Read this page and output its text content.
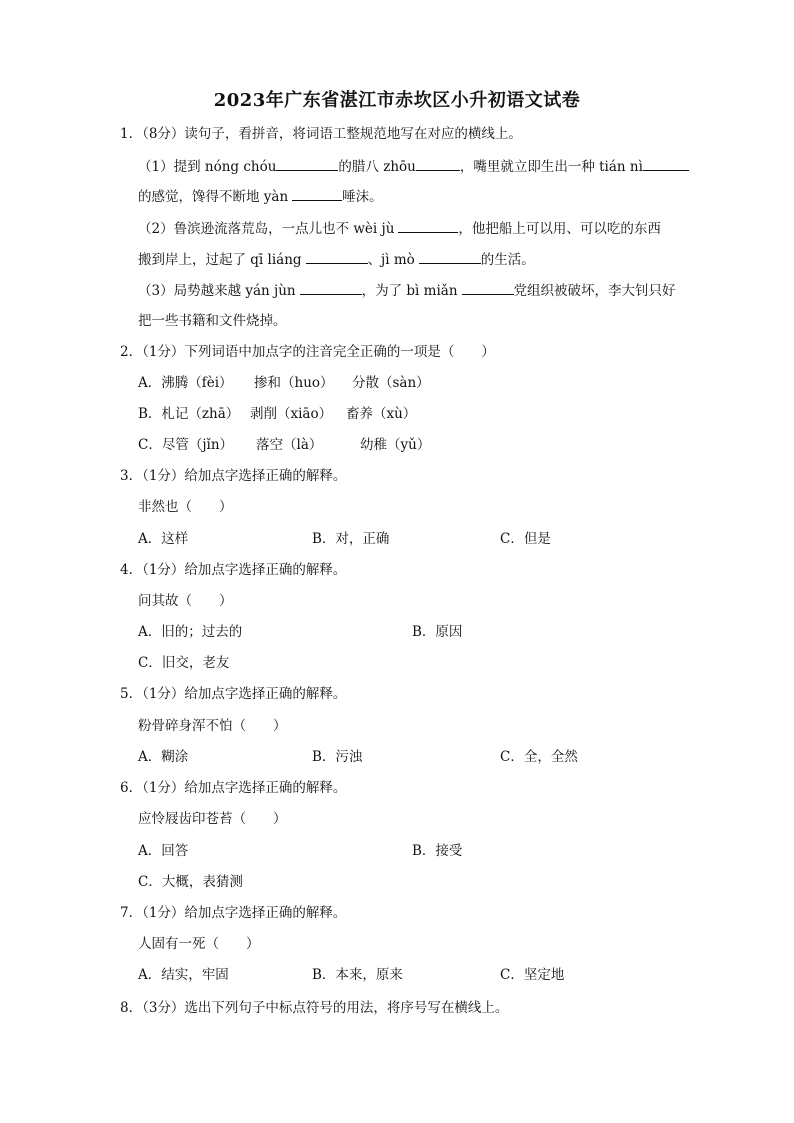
2023年广东省湛江市赤坎区小升初语文试卷
1．（8分）读句子，看拼音，将词语工整规范地写在对应的横线上。
（1）提到 nóng chóu	的腊八 zhōu	，嘴里就立即生出一种 tián nì
的感觉，馋得不断地 yàn	唾沫。
（2）鲁滨逊流落荒岛，一点儿也不 wèi jù	，他把船上可以用、可以吃的东西
搬到岸上，过起了 qī liáng	、jì mò	的生活。
（3）局势越来越 yán jùn	，为了 bì miǎn	党组织被破坏，李大钊只好
把一些书籍和文件烧掉。
2．（1分）下列词语中加点字的注音完全正确的一项是（　　）
A．沸腾（fèi） 掺和（huo） 分散（sàn）
B．札记（zhā） 剥削（xiāo） 畜养（xù）
C．尽管（jǐn） 落空（là）	幼稚（yǔ）
3．（1分）给加点字选择正确的解释。
非然也（　　）
A．这样	B．对，正确	C．但是
4．（1分）给加点字选择正确的解释。
问其故（　　）
A．旧的；过去的	B．原因
C．旧交，老友
5．（1分）给加点字选择正确的解释。
粉骨碎身浑不怕（　　）
A．糊涂	B．污浊	C．全，全然
6．（1分）给加点字选择正确的解释。
应怜屐齿印苍苔（　　）
A．回答	B．接受
C．大概，表猜测
7．（1分）给加点字选择正确的解释。
人固有一死（　　）
A．结实，牢固	B．本来，原来	C．坚定地
8．（3分）选出下列句子中标点符号的用法，将序号写在横线上。
